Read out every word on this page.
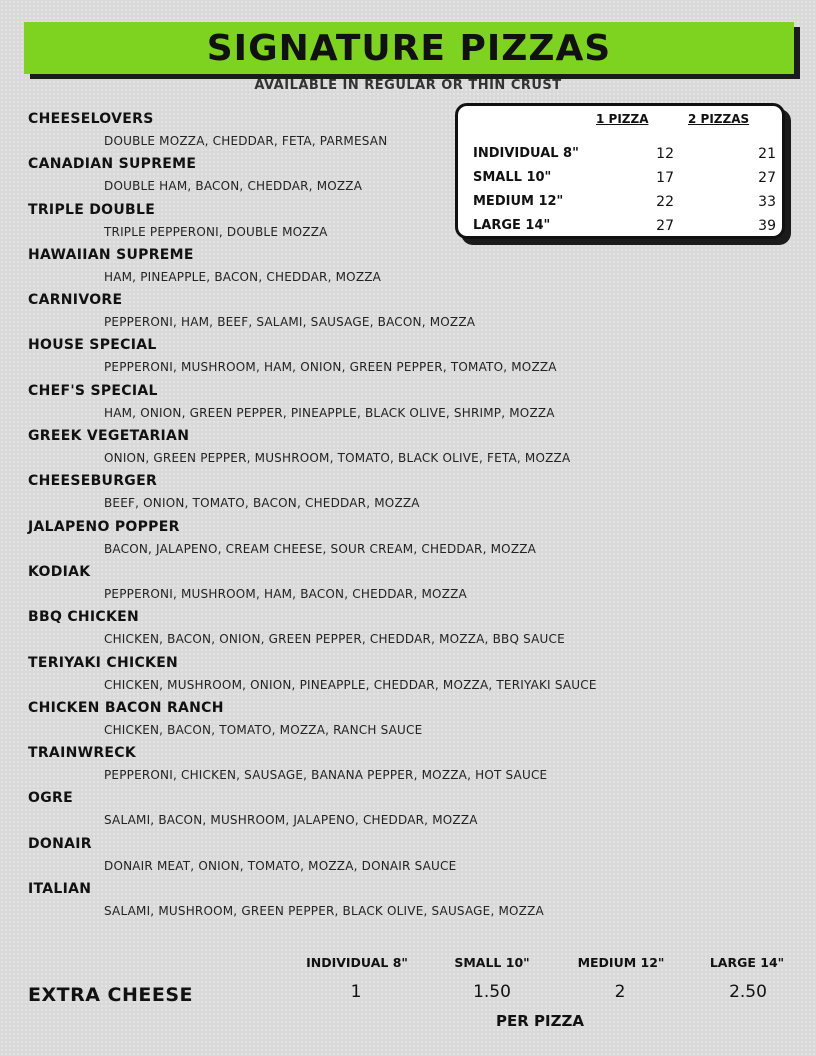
SIGNATURE PIZZAS
AVAILABLE IN REGULAR OR THIN CRUST
CHEESELOVERS
DOUBLE MOZZA, CHEDDAR, FETA, PARMESAN
CANADIAN SUPREME
DOUBLE HAM, BACON, CHEDDAR, MOZZA
TRIPLE DOUBLE
TRIPLE PEPPERONI, DOUBLE MOZZA
HAWAIIAN SUPREME
HAM, PINEAPPLE, BACON, CHEDDAR, MOZZA
CARNIVORE
PEPPERONI, HAM, BEEF, SALAMI, SAUSAGE, BACON, MOZZA
HOUSE SPECIAL
PEPPERONI, MUSHROOM, HAM, ONION, GREEN PEPPER, TOMATO, MOZZA
CHEF'S SPECIAL
HAM, ONION, GREEN PEPPER, PINEAPPLE, BLACK OLIVE, SHRIMP, MOZZA
GREEK VEGETARIAN
ONION, GREEN PEPPER, MUSHROOM, TOMATO, BLACK OLIVE, FETA, MOZZA
CHEESEBURGER
BEEF, ONION, TOMATO, BACON, CHEDDAR, MOZZA
JALAPENO POPPER
BACON, JALAPENO, CREAM CHEESE, SOUR CREAM, CHEDDAR, MOZZA
KODIAK
PEPPERONI, MUSHROOM, HAM, BACON, CHEDDAR, MOZZA
BBQ CHICKEN
CHICKEN, BACON, ONION, GREEN PEPPER, CHEDDAR, MOZZA, BBQ SAUCE
TERIYAKI CHICKEN
CHICKEN, MUSHROOM, ONION, PINEAPPLE, CHEDDAR, MOZZA, TERIYAKI SAUCE
CHICKEN BACON RANCH
CHICKEN, BACON, TOMATO, MOZZA, RANCH SAUCE
TRAINWRECK
PEPPERONI, CHICKEN, SAUSAGE, BANANA PEPPER, MOZZA, HOT SAUCE
OGRE
SALAMI, BACON, MUSHROOM, JALAPENO, CHEDDAR, MOZZA
DONAIR
DONAIR MEAT, ONION, TOMATO, MOZZA, DONAIR SAUCE
ITALIAN
SALAMI, MUSHROOM, GREEN PEPPER, BLACK OLIVE, SAUSAGE, MOZZA
1 PIZZA	2 PIZZAS
INDIVIDUAL 8"	12	21
SMALL 10"	17	27
MEDIUM 12"	22	33
LARGE 14"	27	39
INDIVIDUAL 8"	SMALL 10"	MEDIUM 12"	LARGE 14"
EXTRA CHEESE	1	1.50	2	2.50
PER PIZZA
